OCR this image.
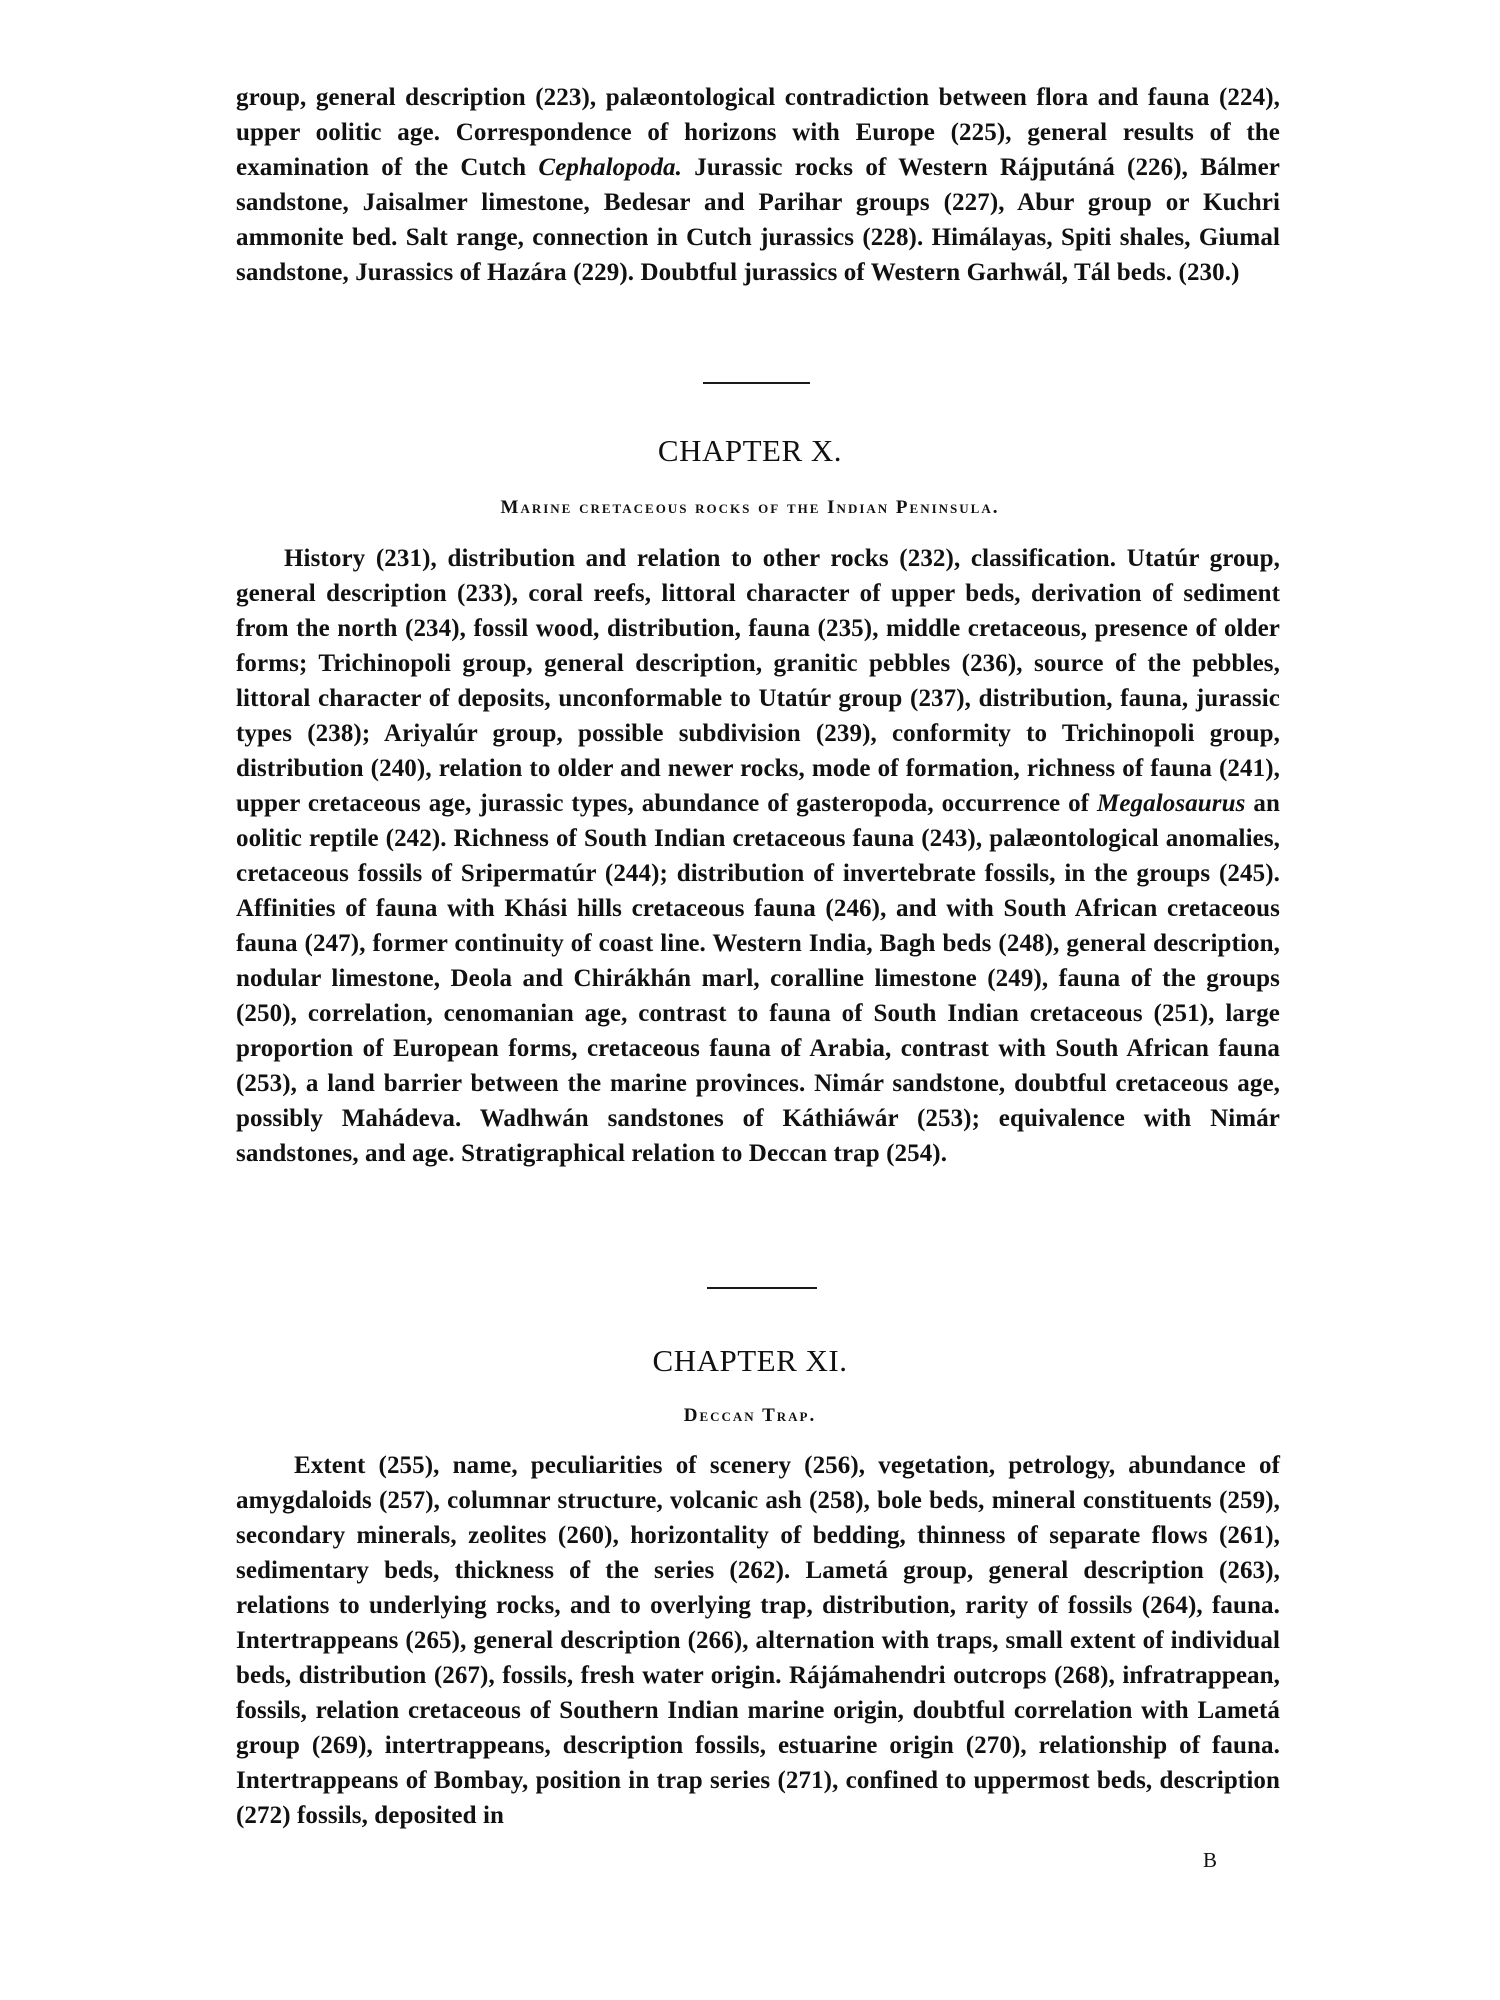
group, general description (223), palæontological contradiction between flora and fauna (224), upper oolitic age. Correspondence of horizons with Europe (225), general results of the examination of the Cutch Cephalopoda. Jurassic rocks of Western Rájputáná (226), Bálmer sandstone, Jaisalmer limestone, Bedesar and Parihar groups (227), Abur group or Kuchri ammonite bed. Salt range, connection in Cutch jurassics (228). Himálayas, Spiti shales, Giumal sandstone, Jurassics of Hazára (229). Doubtful jurassics of Western Garhwál, Tál beds. (230.)

CHAPTER X.
Marine cretaceous rocks of the Indian Peninsula.

History (231), distribution and relation to other rocks (232), classification. Utatúr group, general description (233), coral reefs, littoral character of upper beds, derivation of sediment from the north (234), fossil wood, distribution, fauna (235), middle cretaceous, presence of older forms; Trichinopoli group, general description, granitic pebbles (236), source of the pebbles, littoral character of deposits, unconformable to Utatúr group (237), distribution, fauna, jurassic types (238); Ariyalúr group, possible subdivision (239), conformity to Trichinopoli group, distribution (240), relation to older and newer rocks, mode of formation, richness of fauna (241), upper cretaceous age, jurassic types, abundance of gasteropoda, occurrence of Megalosaurus an oolitic reptile (242). Richness of South Indian cretaceous fauna (243), palæontological anomalies, cretaceous fossils of Sripermatúr (244); distribution of invertebrate fossils, in the groups (245). Affinities of fauna with Khási hills cretaceous fauna (246), and with South African cretaceous fauna (247), former continuity of coast line. Western India, Bagh beds (248), general description, nodular limestone, Deola and Chirákhán marl, coralline limestone (249), fauna of the groups (250), correlation, cenomanian age, contrast to fauna of South Indian cretaceous (251), large proportion of European forms, cretaceous fauna of Arabia, contrast with South African fauna (253), a land barrier between the marine provinces. Nimár sandstone, doubtful cretaceous age, possibly Mahádeva. Wadhwán sandstones of Káthiáwár (253); equivalence with Nimár sandstones, and age. Stratigraphical relation to Deccan trap (254).

CHAPTER XI.
Deccan Trap.

Extent (255), name, peculiarities of scenery (256), vegetation, petrology, abundance of amygdaloids (257), columnar structure, volcanic ash (258), bole beds, mineral constituents (259), secondary minerals, zeolites (260), horizontality of bedding, thinness of separate flows (261), sedimentary beds, thickness of the series (262). Lametá group, general description (263), relations to underlying rocks, and to overlying trap, distribution, rarity of fossils (264), fauna. Intertrappeans (265), general description (266), alternation with traps, small extent of individual beds, distribution (267), fossils, fresh water origin. Rájámahendri outcrops (268), infratrappean, fossils, relation cretaceous of Southern Indian marine origin, doubtful correlation with Lametá group (269), intertrappeans, description fossils, estuarine origin (270), relationship of fauna. Intertrappeans of Bombay, position in trap series (271), confined to uppermost beds, description (272) fossils, deposited in

B
